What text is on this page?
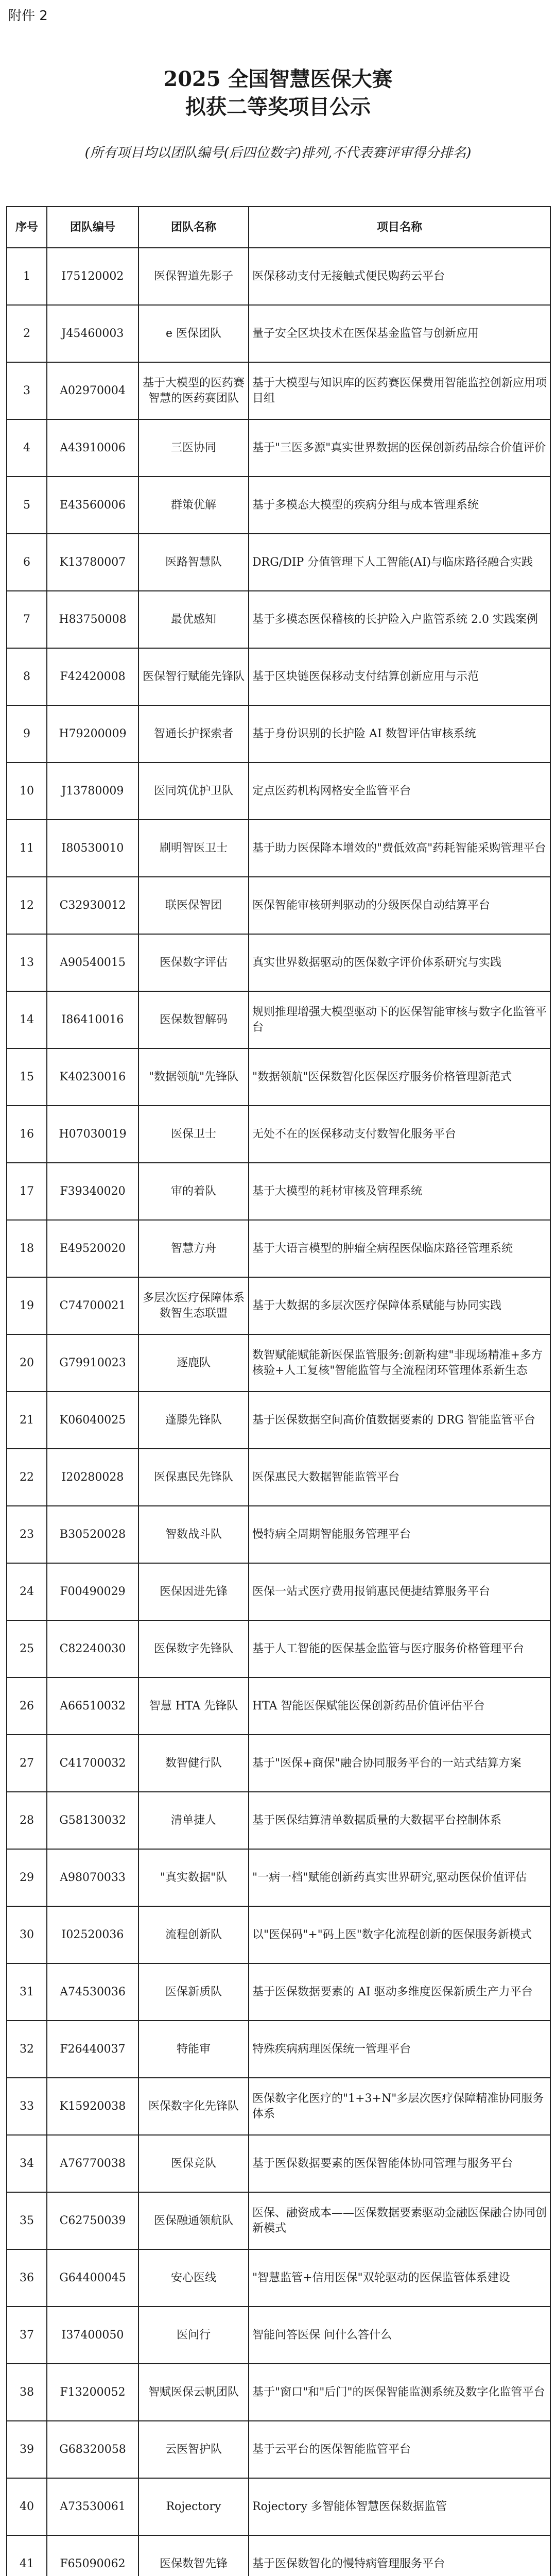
附件 2
2025 全国智慧医保大赛
拟获二等奖项目公示
(所有项目均以团队编号(后四位数字)排列,不代表赛评审得分排名)
序号	团队编号	团队名称	项目名称
1	I75120002	医保智道先影子	医保移动支付无接触式便民购药云平台
2	J45460003	e 医保团队	量子安全区块技术在医保基金监管与创新应用
3	A02970004	基于大模型的医药赛智慧的医药赛团队	基于大模型与知识库的医药赛医保费用智能监控创新应用项目组
4	A43910006	三医协同	基于"三医多源"真实世界数据的医保创新药品综合价值评价
5	E43560006	群策优解	基于多模态大模型的疾病分组与成本管理系统
6	K13780007	医路智慧队	DRG/DIP 分值管理下人工智能(AI)与临床路径融合实践
7	H83750008	最优感知	基于多模态医保稽核的长护险入户监管系统 2.0 实践案例
8	F42420008	医保智行赋能先锋队	基于区块链医保移动支付结算创新应用与示范
9	H79200009	智通长护探索者	基于身份识别的长护险 AI 数智评估审核系统
10	J13780009	医同筑优护卫队	定点医药机构网格安全监管平台
11	I80530010	刷明智医卫士	基于助力医保降本增效的"费低效高"药耗智能采购管理平台
12	C32930012	联医保智团	医保智能审核研判驱动的分级医保自动结算平台
13	A90540015	医保数字评估	真实世界数据驱动的医保数字评价体系研究与实践
14	I86410016	医保数智解码	规则推理增强大模型驱动下的医保智能审核与数字化监管平台
15	K40230016	"数据领航"先锋队	"数据领航"医保数智化医保医疗服务价格管理新范式
16	H07030019	医保卫士	无处不在的医保移动支付数智化服务平台
17	F39340020	审的着队	基于大模型的耗材审核及管理系统
18	E49520020	智慧方舟	基于大语言模型的肿瘤全病程医保临床路径管理系统
19	C74700021	多层次医疗保障体系数智生态联盟	基于大数据的多层次医疗保障体系赋能与协同实践
20	G79910023	逐鹿队	数智赋能赋能新医保监管服务:创新构建"非现场精准+多方核验+人工复核"智能监管与全流程闭环管理体系新生态
21	K06040025	蓬滕先锋队	基于医保数据空间高价值数据要素的 DRG 智能监管平台
22	I20280028	医保惠民先锋队	医保惠民大数据智能监管平台
23	B30520028	智数战斗队	慢特病全周期智能服务管理平台
24	F00490029	医保因进先锋	医保一站式医疗费用报销惠民便捷结算服务平台
25	C82240030	医保数字先锋队	基于人工智能的医保基金监管与医疗服务价格管理平台
26	A66510032	智慧 HTA 先锋队	HTA 智能医保赋能医保创新药品价值评估平台
27	C41700032	数智健行队	基于"医保+商保"融合协同服务平台的一站式结算方案
28	G58130032	清单捷人	基于医保结算清单数据质量的大数据平台控制体系
29	A98070033	"真实数据"队	"一病一档"赋能创新药真实世界研究,驱动医保价值评估
30	I02520036	流程创新队	以"医保码"+"码上医"数字化流程创新的医保服务新模式
31	A74530036	医保新质队	基于医保数据要素的 AI 驱动多维度医保新质生产力平台
32	F26440037	特能审	特殊疾病病理医保统一管理平台
33	K15920038	医保数字化先锋队	医保数字化医疗的"1+3+N"多层次医疗保障精准协同服务体系
34	A76770038	医保竞队	基于医保数据要素的医保智能体协同管理与服务平台
35	C62750039	医保融通领航队	医保、融资成本——医保数据要素驱动金融医保融合协同创新模式
36	G64400045	安心医线	"智慧监管+信用医保"双轮驱动的医保监管体系建设
37	I37400050	医问行	智能问答医保 问什么答什么
38	F13200052	智赋医保云帆团队	基于"窗口"和"后门"的医保智能监测系统及数字化监管平台
39	G68320058	云医智护队	基于云平台的医保智能监管平台
40	A73530061	Rojectory	Rojectory 多智能体智慧医保数据监管
41	F65090062	医保数智先锋	基于医保数智化的慢特病管理服务平台
